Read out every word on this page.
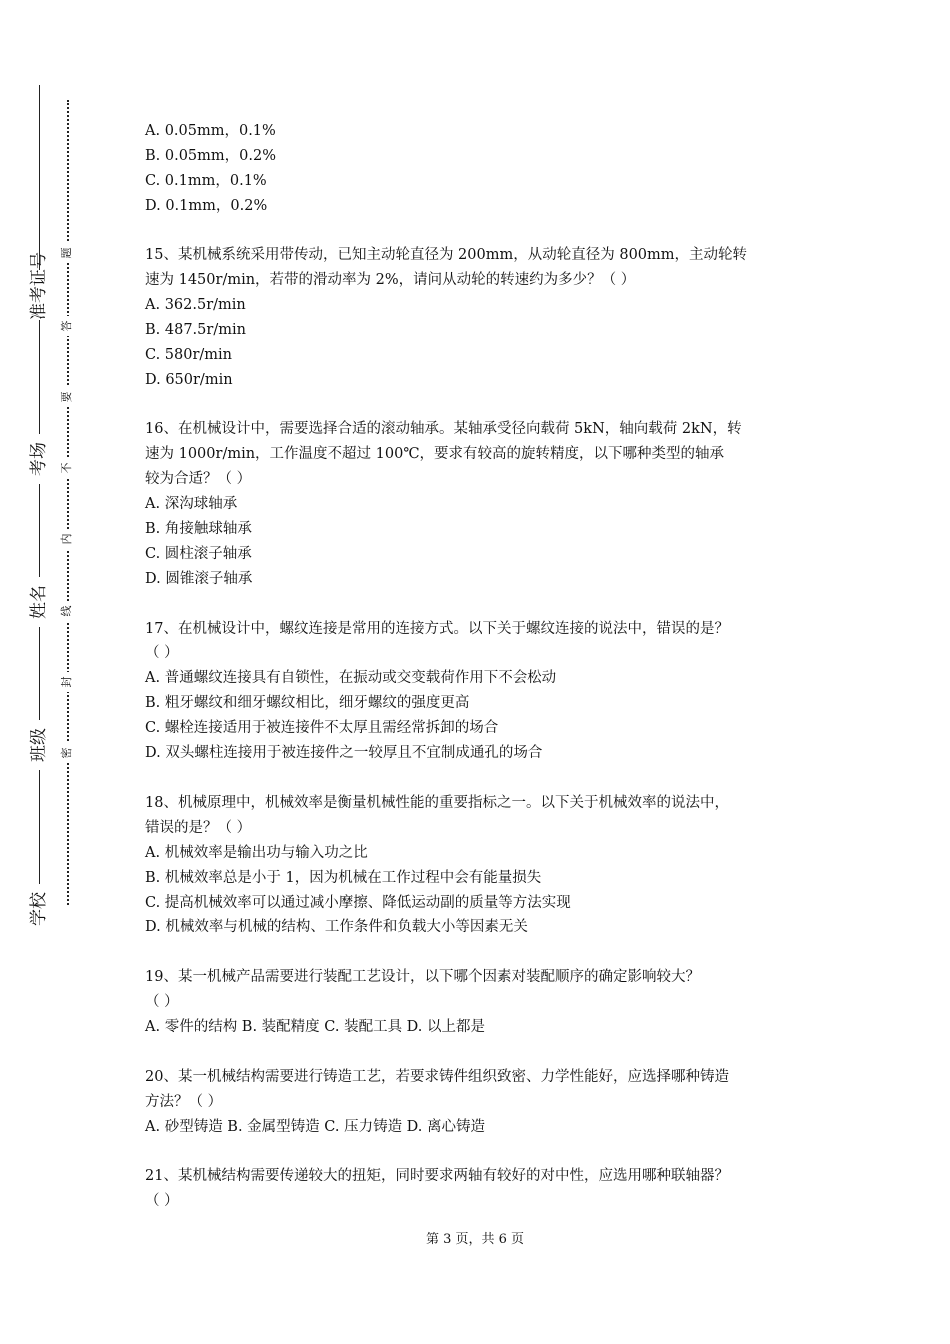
准考证号
考场
姓名
班级
学校
题
答
要
不
内
线
封
密
A. 0.05mm，0.1%
B. 0.05mm，0.2%
C. 0.1mm，0.1%
D. 0.1mm，0.2%
15、某机械系统采用带传动，已知主动轮直径为 200mm，从动轮直径为 800mm，主动轮转
速为 1450r/min，若带的滑动率为 2%，请问从动轮的转速约为多少？（ ）
A. 362.5r/min
B. 487.5r/min
C. 580r/min
D. 650r/min
16、在机械设计中，需要选择合适的滚动轴承。某轴承受径向载荷 5kN，轴向载荷 2kN，转
速为 1000r/min，工作温度不超过 100℃，要求有较高的旋转精度，以下哪种类型的轴承
较为合适？（ ）
A. 深沟球轴承
B. 角接触球轴承
C. 圆柱滚子轴承
D. 圆锥滚子轴承
17、在机械设计中，螺纹连接是常用的连接方式。以下关于螺纹连接的说法中，错误的是？
（ ）
A. 普通螺纹连接具有自锁性，在振动或交变载荷作用下不会松动
B. 粗牙螺纹和细牙螺纹相比，细牙螺纹的强度更高
C. 螺栓连接适用于被连接件不太厚且需经常拆卸的场合
D. 双头螺柱连接用于被连接件之一较厚且不宜制成通孔的场合
18、机械原理中，机械效率是衡量机械性能的重要指标之一。以下关于机械效率的说法中，
错误的是？（ ）
A. 机械效率是输出功与输入功之比
B. 机械效率总是小于 1，因为机械在工作过程中会有能量损失
C. 提高机械效率可以通过减小摩擦、降低运动副的质量等方法实现
D. 机械效率与机械的结构、工作条件和负载大小等因素无关
19、某一机械产品需要进行装配工艺设计，以下哪个因素对装配顺序的确定影响较大？
（ ）
A. 零件的结构 B. 装配精度 C. 装配工具 D. 以上都是
20、某一机械结构需要进行铸造工艺，若要求铸件组织致密、力学性能好，应选择哪种铸造
方法？（ ）
A. 砂型铸造 B. 金属型铸造 C. 压力铸造 D. 离心铸造
21、某机械结构需要传递较大的扭矩，同时要求两轴有较好的对中性，应选用哪种联轴器？
（ ）
第 3 页，共 6 页
